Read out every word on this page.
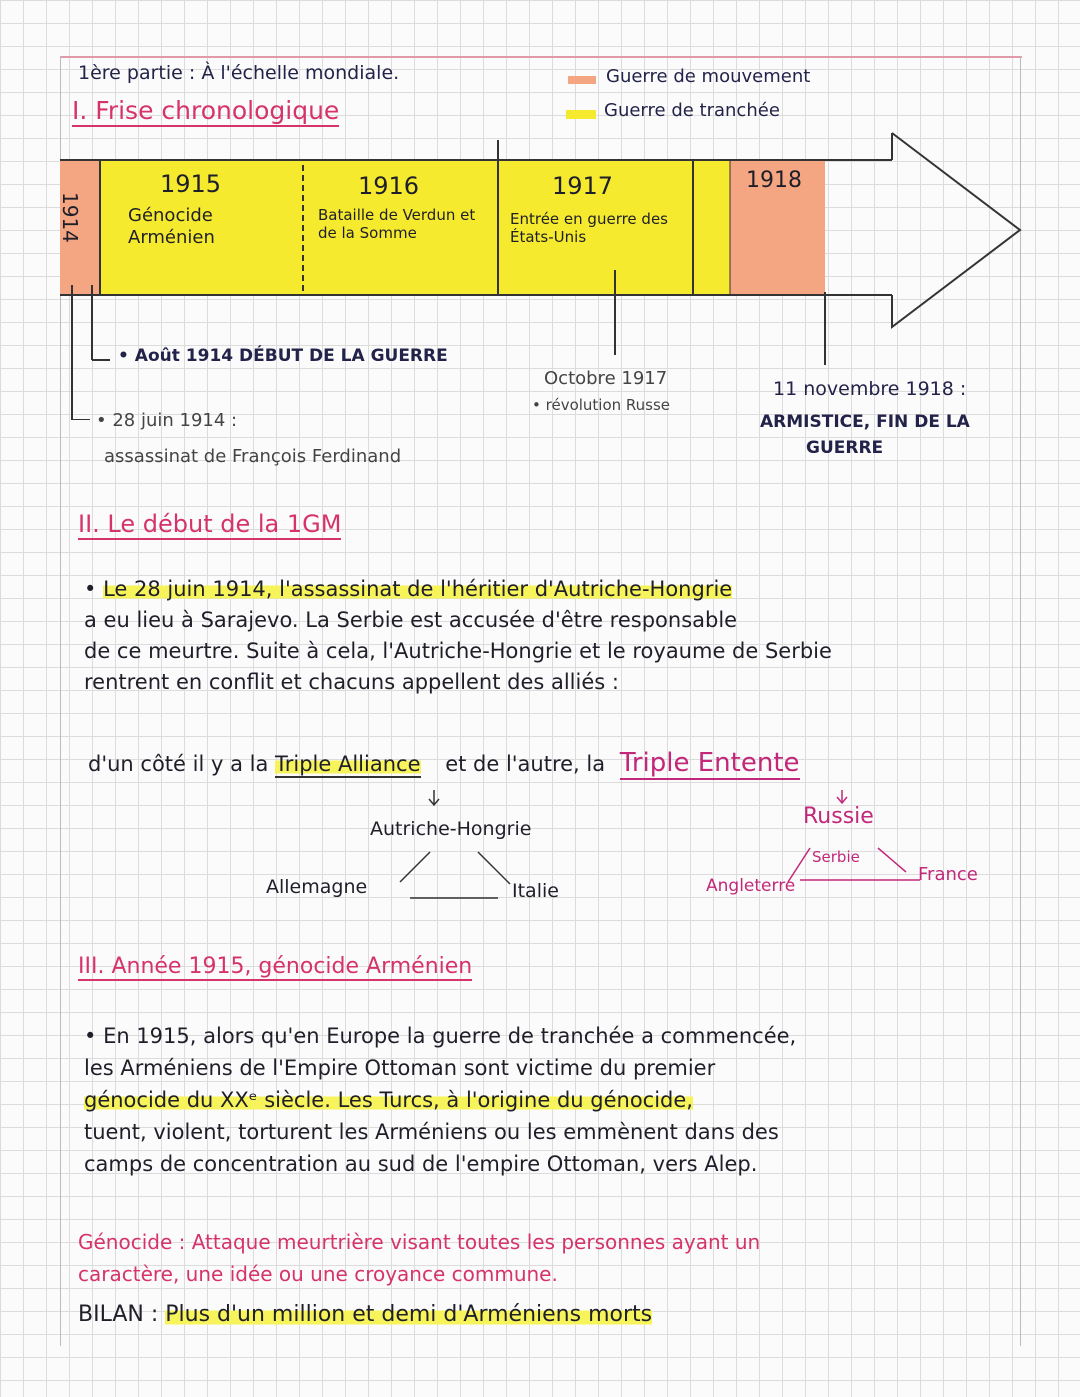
1ère partie : À l'échelle mondiale.
I. Frise chronologique
Guerre de mouvement
Guerre de tranchée
1914
1915
Génocide Arménien
1916
Bataille de Verdun et de la Somme
1917
Entrée en guerre des États-Unis
1918
• Août 1914 DÉBUT DE LA GUERRE
• 28 juin 1914 :
assassinat de François Ferdinand
Octobre 1917
• révolution Russe
11 novembre 1918 :
ARMISTICE, FIN DE LA
GUERRE
II. Le début de la 1GM
• Le 28 juin 1914, l'assassinat de l'héritier d'Autriche-Hongrie
a eu lieu à Sarajevo. La Serbie est accusée d'être responsable
de ce meurtre. Suite à cela, l'Autriche-Hongrie et le royaume de Serbie
rentrent en conflit et chacuns appellent des alliés :
d'un côté il y a la Triple Alliance et de l'autre, la Triple Entente
Autriche-Hongrie
Allemagne	Italie
Russie
Serbie
France
Angleterre
III. Année 1915, génocide Arménien
• En 1915, alors qu'en Europe la guerre de tranchée a commencée,
les Arméniens de l'Empire Ottoman sont victime du premier
génocide du XXᵉ siècle. Les Turcs, à l'origine du génocide,
tuent, violent, torturent les Arméniens ou les emmènent dans des
camps de concentration au sud de l'empire Ottoman, vers Alep.
Génocide : Attaque meurtrière visant toutes les personnes ayant un
caractère, une idée ou une croyance commune.
BILAN : Plus d'un million et demi d'Arméniens morts
